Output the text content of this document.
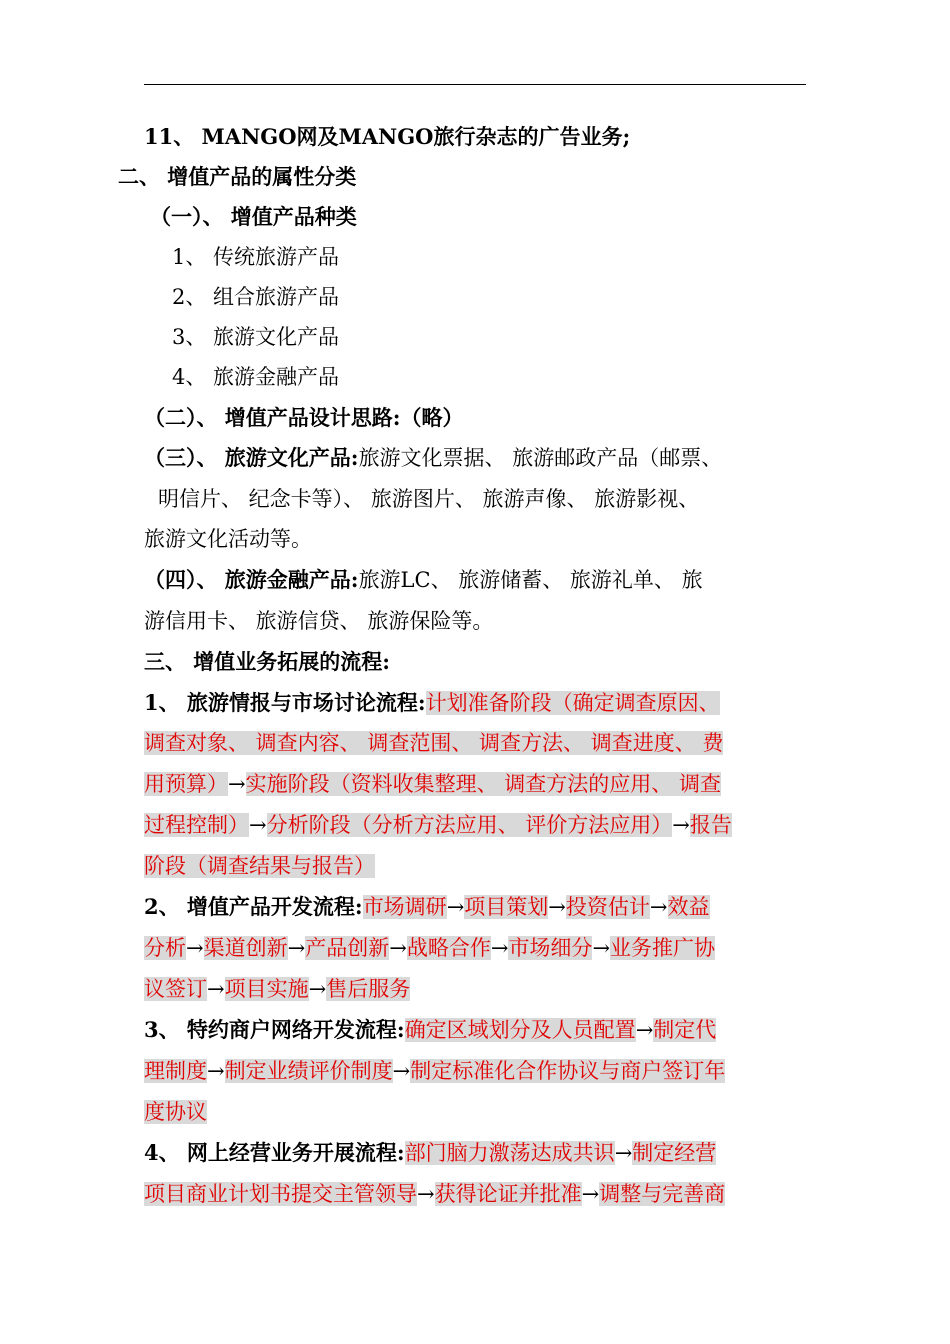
11、 MANGO网及MANGO旅行杂志的广告业务;
二、 增值产品的属性分类
（一）、 增值产品种类
1、 传统旅游产品
2、 组合旅游产品
3、 旅游文化产品
4、 旅游金融产品
（二）、 增值产品设计思路:（略）
（三）、 旅游文化产品:旅游文化票据、 旅游邮政产品（邮票、
明信片、 纪念卡等）、 旅游图片、 旅游声像、 旅游影视、
旅游文化活动等。
（四）、 旅游金融产品:旅游LC、 旅游储蓄、 旅游礼单、 旅
游信用卡、 旅游信贷、 旅游保险等。
三、 增值业务拓展的流程:
1、 旅游情报与市场讨论流程:计划准备阶段（确定调查原因、
调查对象、 调查内容、 调查范围、 调查方法、 调查进度、 费
用预算）→实施阶段（资料收集整理、 调查方法的应用、 调查
过程控制）→分析阶段（分析方法应用、 评价方法应用）→报告
阶段（调查结果与报告）
2、 增值产品开发流程:市场调研→项目策划→投资估计→效益
分析→渠道创新→产品创新→战略合作→市场细分→业务推广协
议签订→项目实施→售后服务
3、 特约商户网络开发流程:确定区域划分及人员配置→制定代
理制度→制定业绩评价制度→制定标准化合作协议与商户签订年
度协议
4、 网上经营业务开展流程:部门脑力激荡达成共识→制定经营
项目商业计划书提交主管领导→获得论证并批准→调整与完善商
